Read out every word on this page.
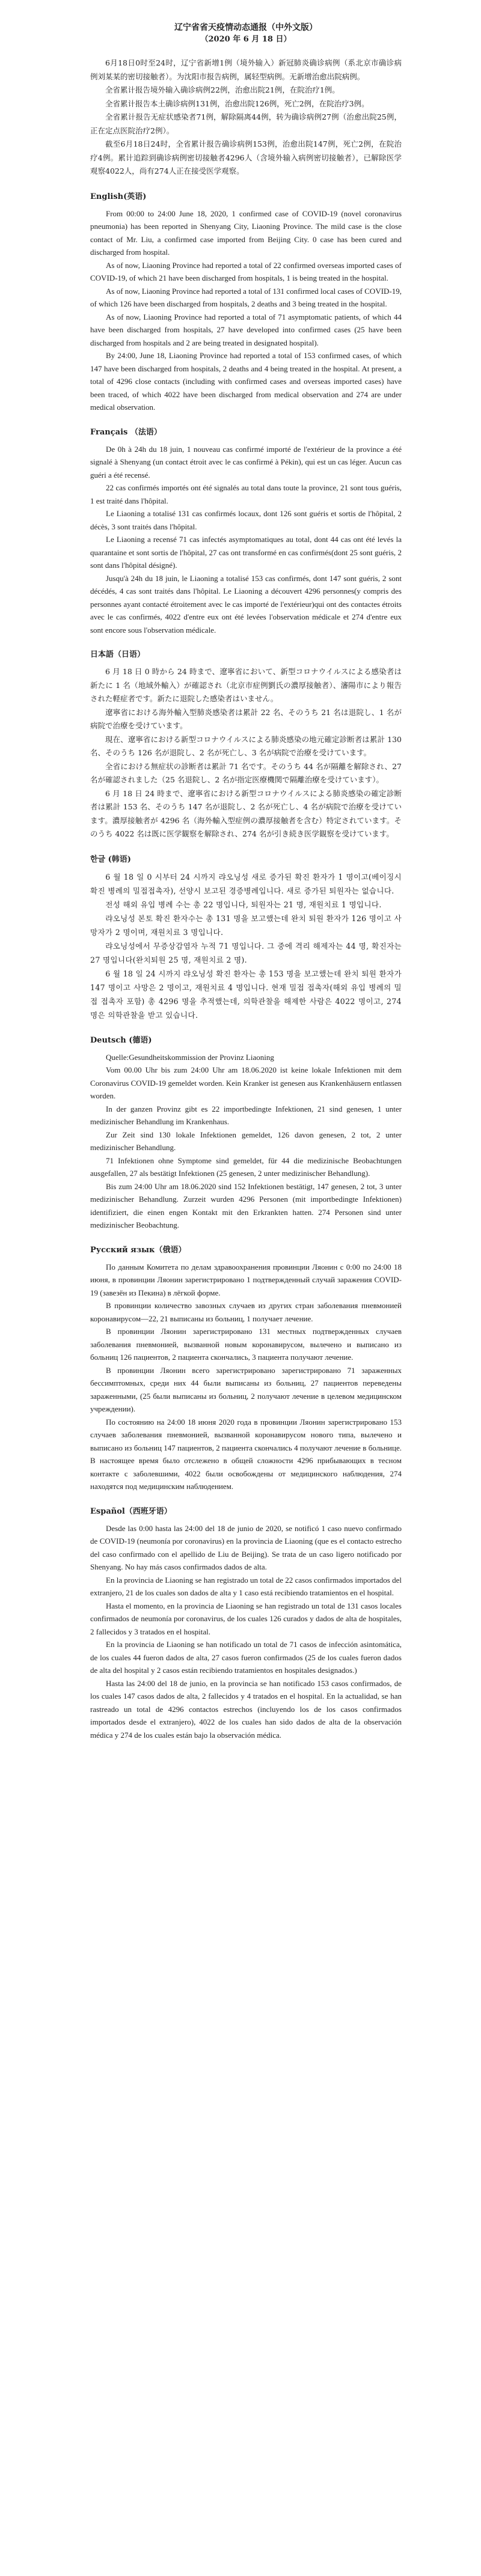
辽宁省省天疫情动态通报（中外文版）
（2020 年 6 月 18 日）

6月18日0时至24时，辽宁省新增1例（境外输入）新冠肺炎确诊病例（系北京市确诊病例刘某某的密切接触者）。为沈阳市报告病例，属轻型病例。无新增治愈出院病例。

全省累计报告境外输入确诊病例22例，治愈出院21例，在院治疗1例。

全省累计报告本土确诊病例131例，治愈出院126例，死亡2例，在院治疗3例。

全省累计报告无症状感染者71例，解除隔离44例，转为确诊病例27例（治愈出院25例，正在定点医院治疗2例）。

截至6月18日24时，全省累计报告确诊病例153例，治愈出院147例，死亡2例，在院治疗4例。累计追踪到确诊病例密切接触者4296人（含境外输入病例密切接触者），已解除医学观察4022人，尚有274人正在接受医学观察。

English(英语)

From 00:00 to 24:00 June 18, 2020, 1 confirmed case of COVID-19 (novel coronavirus pneumonia) has been reported in Shenyang City, Liaoning Province. The mild case is the close contact of Mr. Liu, a confirmed case imported from Beijing City. 0 case has been cured and discharged from hospital.

As of now, Liaoning Province had reported a total of 22 confirmed overseas imported cases of COVID-19, of which 21 have been discharged from hospitals, 1 is being treated in the hospital.

As of now, Liaoning Province had reported a total of 131 confirmed local cases of COVID-19, of which 126 have been discharged from hospitals, 2 deaths and 3 being treated in the hospital.

As of now, Liaoning Province had reported a total of 71 asymptomatic patients, of which 44 have been discharged from hospitals, 27 have developed into confirmed cases (25 have been discharged from hospitals and 2 are being treated in designated hospital).

By 24:00, June 18, Liaoning Province had reported a total of 153 confirmed cases, of which 147 have been discharged from hospitals, 2 deaths and 4 being treated in the hospital. At present, a total of 4296 close contacts (including with confirmed cases and overseas imported cases) have been traced, of which 4022 have been discharged from medical observation and 274 are under medical observation.

Français （法语）

De 0h à 24h du 18 juin, 1 nouveau cas confirmé importé de l'extérieur de la province a été signalé à Shenyang (un contact étroit avec le cas confirmé à Pékin), qui est un cas léger. Aucun cas guéri a été recensé.

22 cas confirmés importés ont été signalés au total dans toute la province, 21 sont tous guéris, 1 est traité dans l'hôpital.

Le Liaoning a totalisé 131 cas confirmés locaux, dont 126 sont guéris et sortis de l'hôpital, 2 décès, 3 sont traités dans l'hôpital.

Le Liaoning a recensé 71 cas infectés asymptomatiques au total, dont 44 cas ont été levés la quarantaine et sont sortis de l'hôpital, 27 cas ont transformé en cas confirmés(dont 25 sont guéris, 2 sont dans l'hôpital désigné).

Jusqu'à 24h du 18 juin, le Liaoning a totalisé 153 cas confirmés, dont 147 sont guéris, 2 sont décédés, 4 cas sont traités dans l'hôpital. Le Liaoning a découvert 4296 personnes(y compris des personnes ayant contacté étroitement avec le cas importé de l'extérieur)qui ont des contactes étroits avec le cas confirmés, 4022 d'entre eux ont été levées l'observation médicale et 274 d'entre eux sont encore sous l'observation médicale.

日本語（日语）

6 月 18 日 0 時から 24 時まで、遼寧省において、新型コロナウイルスによる感染者は新たに 1 名（地域外輸入）が確認され（北京市症例劉氏の濃厚接触者）、瀋陽市により報告された軽症者です。新たに退院した感染者はいません。

遼寧省における海外輸入型肺炎感染者は累計 22 名、そのうち 21 名は退院し、1 名が病院で治療を受けています。

現在、遼寧省における新型コロナウイルスによる肺炎感染の地元確定診断者は累計 130 名、そのうち 126 名が退院し、2 名が死亡し、3 名が病院で治療を受けています。

全省における無症状の診断者は累計 71 名です。そのうち 44 名が隔離を解除され、27 名が確認されました（25 名退院し、2 名が指定医療機関で隔離治療を受けています）。

6 月 18 日 24 時まで、遼寧省における新型コロナウイルスによる肺炎感染の確定診断者は累計 153 名、そのうち 147 名が退院し、2 名が死亡し、4 名が病院で治療を受けています。濃厚接触者が 4296 名（海外輸入型症例の濃厚接触者を含む）特定されています。そのうち 4022 名は既に医学観察を解除され、274 名が引き続き医学観察を受けています。

한글 (韩语)

6 월 18 일 0 시부터 24 시까지 랴오닝성 새로 증가된 확진 환자가 1 명이고(베이징시 확진 병례의 밀접접촉자), 선양시 보고된 경증병례입니다. 새로 증가된 퇴원자는 없습니다.

전성 해외 유입 병례 수는 총 22 명입니다, 퇴원자는 21 명, 재원치료 1 명입니다.

랴오닝성 본토 확진 환자수는 총 131 명을 보고했는데 완치 퇴원 환자가 126 명이고 사망자가 2 명이며, 재원치료 3 명입니다.

랴오닝성에서 무증상감염자 누적 71 명입니다. 그 중에 격리 해제자는 44 명, 확진자는 27 명입니다(완치퇴원 25 명, 재원치료 2 명).

6 월 18 일 24 시까지 랴오닝성 확진 환자는 총 153 명을 보고했는데 완치 퇴원 환자가 147 명이고 사망은 2 명이고, 재원치료 4 명입니다. 현재 밀접 접촉자(해외 유입 병례의 밀접 접촉자 포함) 총 4296 명을 추적했는데, 의학관찰을 해제한 사람은 4022 명이고, 274 명은 의학관찰을 받고 있습니다.

Deutsch (德语)

Quelle:Gesundheitskommission der Provinz Liaoning

Vom 00.00 Uhr bis zum 24:00 Uhr am 18.06.2020 ist keine lokale Infektionen mit dem Coronavirus COVID-19 gemeldet worden. Kein Kranker ist genesen aus Krankenhäusern entlassen worden.

In der ganzen Provinz gibt es 22 importbedingte Infektionen, 21 sind genesen, 1 unter medizinischer Behandlung im Krankenhaus.

Zur Zeit sind 130 lokale Infektionen gemeldet, 126 davon genesen, 2 tot, 2 unter medizinischer Behandlung.

71 Infektionen ohne Symptome sind gemeldet, für 44 die medizinische Beobachtungen ausgefallen, 27 als bestätigt Infektionen (25 genesen, 2 unter medizinischer Behandlung).

Bis zum 24:00 Uhr am 18.06.2020 sind 152 Infektionen bestätigt, 147 genesen, 2 tot, 3 unter medizinischer Behandlung. Zurzeit wurden 4296 Personen (mit importbedingte Infektionen) identifiziert, die einen engen Kontakt mit den Erkrankten hatten. 274 Personen sind unter medizinischer Beobachtung.

Русский язык（俄语）

По данным Комитета по делам здравоохранения провинции Ляонин с 0:00 по 24:00 18 июня, в провинции Ляонин зарегистрировано 1 подтвержденный случай заражения COVID-19 (завезён из Пекина) в лёгкой форме.

В провинции количество завозных случаев из других стран заболевания пневмонией коронавирусом—22, 21 выписаны из больниц, 1 получает лечение.

В провинции Ляонин зарегистрировано 131 местных подтвержденных случаев заболевания пневмонией, вызванной новым коронавирусом, вылечено и выписано из больниц 126 пациентов, 2 пациента скончались, 3 пациента получают лечение.

В провинции Ляонин всего зарегистрировано зарегистрировано 71 зараженных бессимптомных, среди них 44 были выписаны из больниц, 27 пациентов переведены зараженными, (25 были выписаны из больниц, 2 получают лечение в целевом медицинском учреждении).

По состоянию на 24:00 18 июня 2020 года в провинции Ляонин зарегистрировано 153 случаев заболевания пневмонией, вызванной коронавирусом нового типа, вылечено и выписано из больниц 147 пациентов, 2 пациента скончались 4 получают лечение в больнице. В настоящее время было отслежено в общей сложности 4296 прибывающих в тесном контакте с заболевшими, 4022 были освобождены от медицинского наблюдения, 274 находятся под медицинским наблюдением.

Español（西班牙语）

Desde las 0:00 hasta las 24:00 del 18 de junio de 2020, se notificó 1 caso nuevo confirmado de COVID-19 (neumonía por coronavirus) en la provincia de Liaoning (que es el contacto estrecho del caso confirmado con el apellido de Liu de Beijing). Se trata de un caso ligero notificado por Shenyang. No hay más casos confirmados dados de alta.

En la provincia de Liaoning se han registrado un total de 22 casos confirmados importados del extranjero, 21 de los cuales son dados de alta y 1 caso está recibiendo tratamientos en el hospital.

Hasta el momento, en la provincia de Liaoning se han registrado un total de 131 casos locales confirmados de neumonía por coronavirus, de los cuales 126 curados y dados de alta de hospitales, 2 fallecidos y 3 tratados en el hospital.

En la provincia de Liaoning se han notificado un total de 71 casos de infección asintomática, de los cuales 44 fueron dados de alta, 27 casos fueron confirmados (25 de los cuales fueron dados de alta del hospital y 2 casos están recibiendo tratamientos en hospitales designados.)

Hasta las 24:00 del 18 de junio, en la provincia se han notificado 153 casos confirmados, de los cuales 147 casos dados de alta, 2 fallecidos y 4 tratados en el hospital. En la actualidad, se han rastreado un total de 4296 contactos estrechos (incluyendo los de los casos confirmados importados desde el extranjero), 4022 de los cuales han sido dados de alta de la observación médica y 274 de los cuales están bajo la observación médica.
